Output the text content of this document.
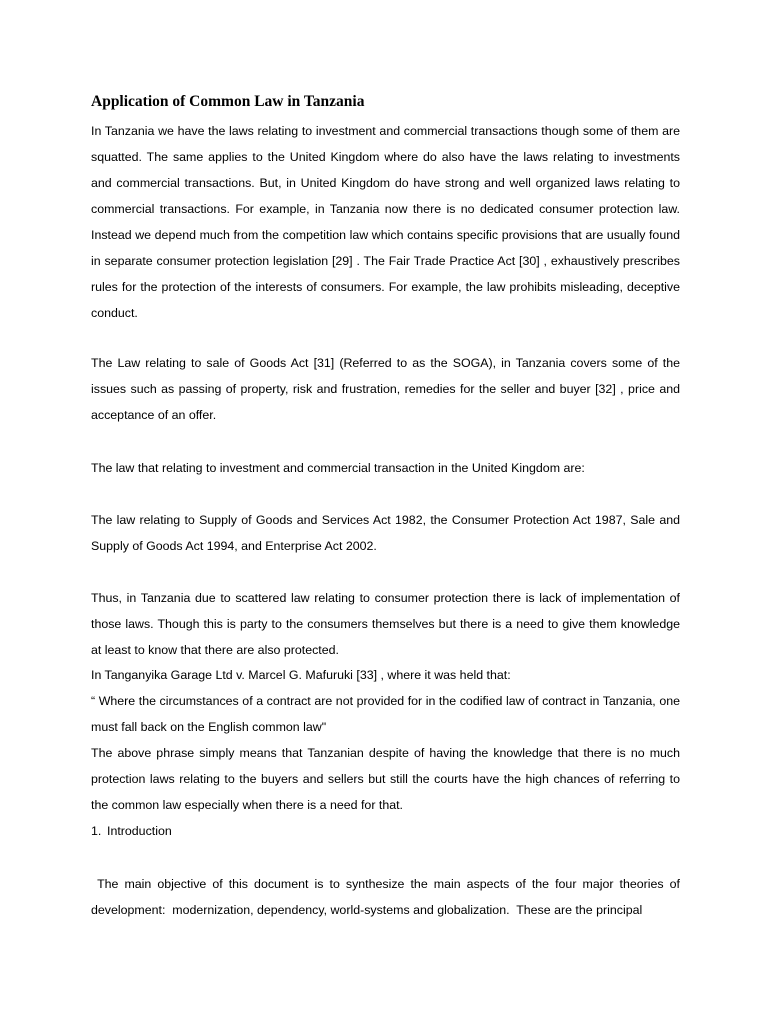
Application of Common Law in Tanzania

In Tanzania we have the laws relating to investment and commercial transactions though some of them are squatted. The same applies to the United Kingdom where do also have the laws relating to investments and commercial transactions. But, in United Kingdom do have strong and well organized laws relating to commercial transactions. For example, in Tanzania now there is no dedicated consumer protection law. Instead we depend much from the competition law which contains specific provisions that are usually found in separate consumer protection legislation [29] . The Fair Trade Practice Act [30] , exhaustively prescribes rules for the protection of the interests of consumers. For example, the law prohibits misleading, deceptive conduct.

The Law relating to sale of Goods Act [31] (Referred to as the SOGA), in Tanzania covers some of the issues such as passing of property, risk and frustration, remedies for the seller and buyer [32] , price and acceptance of an offer.

The law that relating to investment and commercial transaction in the United Kingdom are:

The law relating to Supply of Goods and Services Act 1982, the Consumer Protection Act 1987, Sale and Supply of Goods Act 1994, and Enterprise Act 2002.

Thus, in Tanzania due to scattered law relating to consumer protection there is lack of implementation of those laws. Though this is party to the consumers themselves but there is a need to give them knowledge at least to know that there are also protected.

In Tanganyika Garage Ltd v. Marcel G. Mafuruki [33] , where it was held that:

“ Where the circumstances of a contract are not provided for in the codified law of contract in Tanzania, one must fall back on the English common law"

The above phrase simply means that Tanzanian despite of having the knowledge that there is no much protection laws relating to the buyers and sellers but still the courts have the high chances of referring to the common law especially when there is a need for that.

1. Introduction

The main objective of this document is to synthesize the main aspects of the four major theories of development:  modernization, dependency, world-systems and globalization.  These are the principal
